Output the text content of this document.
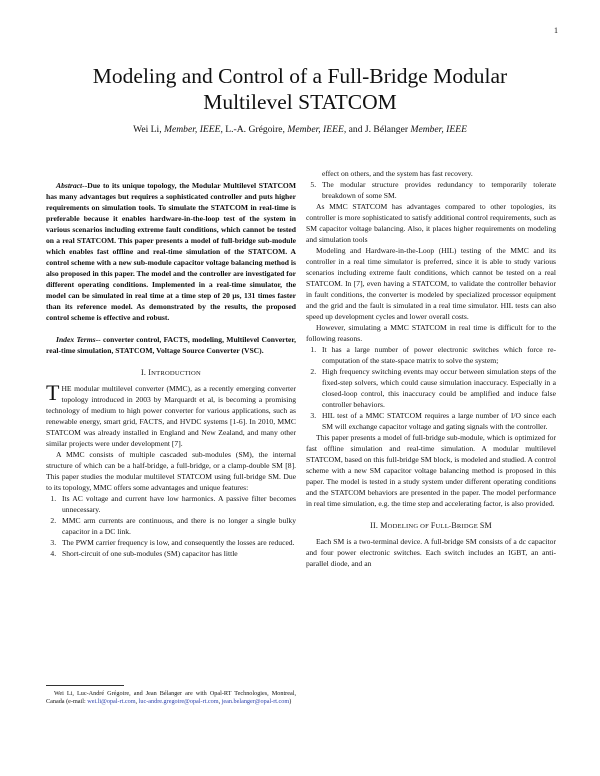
1
Modeling and Control of a Full-Bridge Modular
Multilevel STATCOM
Wei Li, Member, IEEE, L.-A. Grégoire, Member, IEEE, and J. Bélanger Member, IEEE

Abstract--Due to its unique topology, the Modular Multilevel STATCOM has many advantages but requires a sophisticated controller and puts higher requirements on simulation tools. To simulate the STATCOM in real-time is preferable because it enables hardware-in-the-loop test of the system in various scenarios including extreme fault conditions, which cannot be tested on a real STATCOM. This paper presents a model of full-bridge sub-module which enables fast offline and real-time simulation of the STATCOM. A control scheme with a new sub-module capacitor voltage balancing method is also proposed in this paper. The model and the controller are investigated for different operating conditions. Implemented in a real-time simulator, the model can be simulated in real time at a time step of 20 μs, 131 times faster than its reference model. As demonstrated by the results, the proposed control scheme is effective and robust.

Index Terms-- converter control, FACTS, modeling, Multilevel Converter, real-time simulation, STATCOM, Voltage Source Converter (VSC).

I. INTRODUCTION

THE modular multilevel converter (MMC), as a recently emerging converter topology introduced in 2003 by Marquardt et al, is becoming a promising technology of medium to high power converter for various applications, such as renewable energy, smart grid, FACTS, and HVDC systems [1-6]. In 2010, MMC STATCOM was already installed in England and New Zealand, and many other similar projects were under development [7].

A MMC consists of multiple cascaded sub-modules (SM), the internal structure of which can be a half-bridge, a full-bridge, or a clamp-double SM [8]. This paper studies the modular multilevel STATCOM using full-bridge SM. Due to its topology, MMC offers some advantages and unique features:

1. Its AC voltage and current have low harmonics. A passive filter becomes unnecessary.
2. MMC arm currents are continuous, and there is no longer a single bulky capacitor in a DC link.
3. The PWM carrier frequency is low, and consequently the losses are reduced.
4. Short-circuit of one sub-modules (SM) capacitor has little
Wei Li, Luc-André Grégoire, and Jean Bélanger are with Opal-RT Technologies, Montreal, Canada (e-mail: wei.li@opal-rt.com, luc-andre.gregoire@opal-rt.com, jean.belanger@opal-rt.com)

effect on others, and the system has fast recovery.

5. The modular structure provides redundancy to temporarily tolerate breakdown of some SM.

As MMC STATCOM has advantages compared to other topologies, its controller is more sophisticated to satisfy additional control requirements, such as SM capacitor voltage balancing. Also, it places higher requirements on modeling and simulation tools

Modeling and Hardware-in-the-Loop (HIL) testing of the MMC and its controller in a real time simulator is preferred, since it is able to study various scenarios including extreme fault conditions, which cannot be tested on a real STATCOM. In [7], even having a STATCOM, to validate the controller behavior in fault conditions, the converter is modeled by specialized processor equipment and the grid and the fault is simulated in a real time simulator. HIL tests can also speed up development cycles and lower overall costs.

However, simulating a MMC STATCOM in real time is difficult for to the following reasons.

1. It has a large number of power electronic switches which force re-computation of the state-space matrix to solve the system;
2. High frequency switching events may occur between simulation steps of the fixed-step solvers, which could cause simulation inaccuracy. Especially in a closed-loop control, this inaccuracy could be amplified and induce false controller behaviors.
3. HIL test of a MMC STATCOM requires a large number of I/O since each SM will exchange capacitor voltage and gating signals with the controller.

This paper presents a model of full-bridge sub-module, which is optimized for fast offline simulation and real-time simulation. A modular multilevel STATCOM, based on this full-bridge SM block, is modeled and studied. A control scheme with a new SM capacitor voltage balancing method is proposed in this paper. The model is tested in a study system under different operating conditions and the STATCOM behaviors are presented in the paper. The model performance in real time simulation, e.g. the time step and accelerating factor, is also provided.

II. MODELING OF FULL-BRIDGE SM

Each SM is a two-terminal device. A full-bridge SM consists of a dc capacitor and four power electronic switches. Each switch includes an IGBT, an anti-parallel diode, and an
